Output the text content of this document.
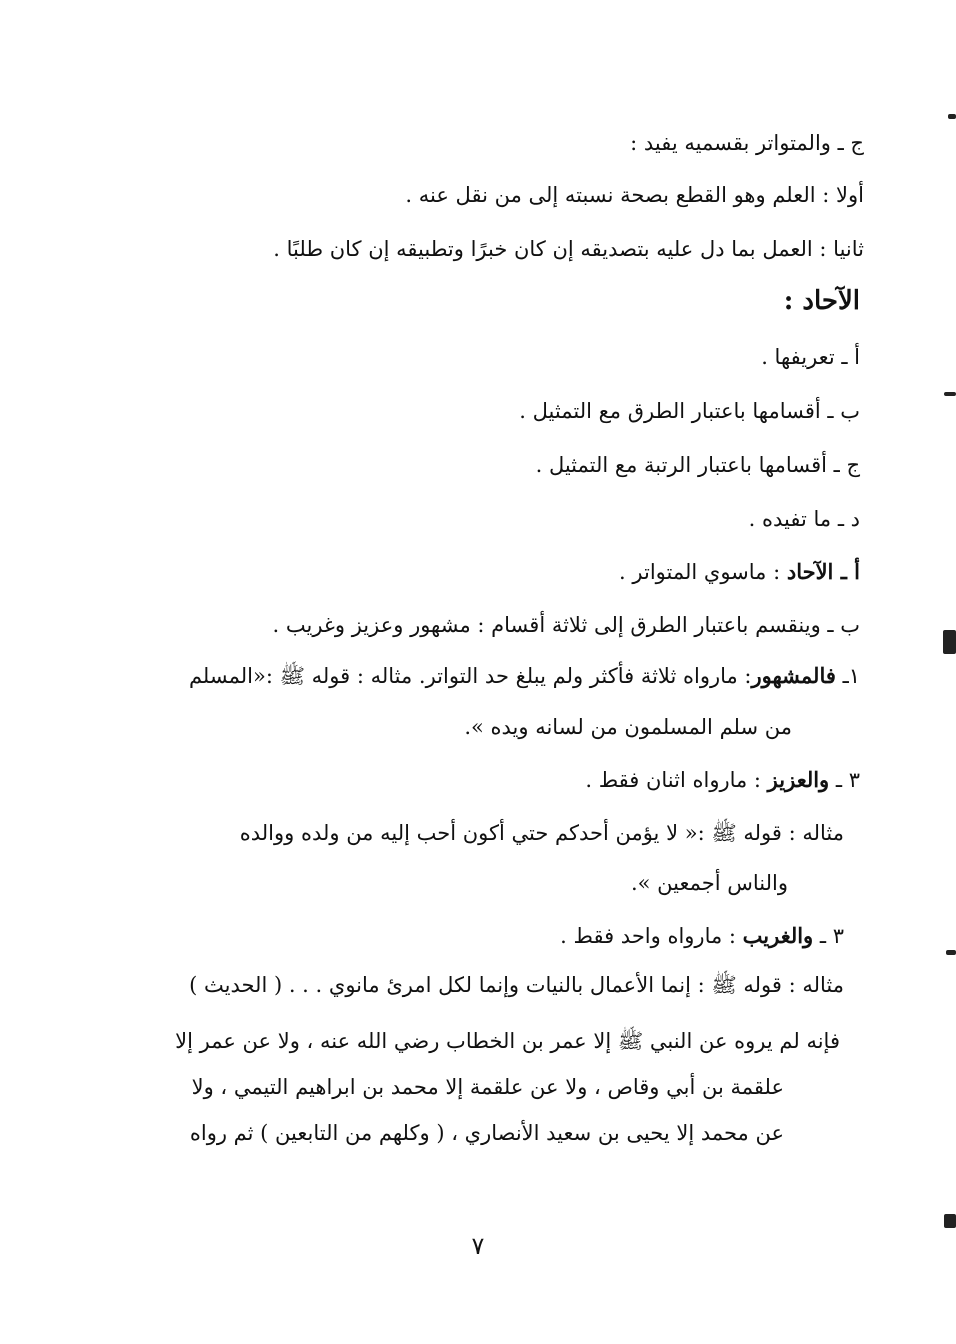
ج ـ والمتواتر بقسميه يفيد :
أولا : العلم وهو القطع بصحة نسبته إلى من نقل عنه .
ثانيا : العمل بما دل عليه بتصديقه إن كان خبرًا وتطبيقه إن كان طلبًا .
الآحاد :
أ ـ تعريفها .
ب ـ أقسامها باعتبار الطرق مع التمثيل .
ج ـ أقسامها باعتبار الرتبة مع التمثيل .
د ـ ما تفيده .
أ ـ الآحاد : ماسوي المتواتر .
ب ـ وينقسم باعتبار الطرق إلى ثلاثة أقسام : مشهور وعزيز وغريب .
١ـ فالمشهور: مارواه ثلاثة فأكثر ولم يبلغ حد التواتر. مثاله : قوله ﷺ :«المسلم
من سلم المسلمون من لسانه ويده ».
٣ ـ والعزيز : مارواه اثنان فقط .
مثاله : قوله ﷺ :« لا يؤمن أحدكم حتي أكون أحب إليه من ولده ووالده
والناس أجمعين ».
٣ ـ والغريب : مارواه واحد فقط .
مثاله : قوله ﷺ : إنما الأعمال بالنيات وإنما لكل امرئ مانوي . . . ( الحديث )
فإنه لم يروه عن النبي ﷺ إلا عمر بن الخطاب رضي الله عنه ، ولا عن عمر إلا
علقمة بن أبي وقاص ، ولا عن علقمة إلا محمد بن ابراهيم التيمي ، ولا
عن محمد إلا يحيى بن سعيد الأنصاري ، ( وكلهم من التابعين ) ثم رواه
٧
